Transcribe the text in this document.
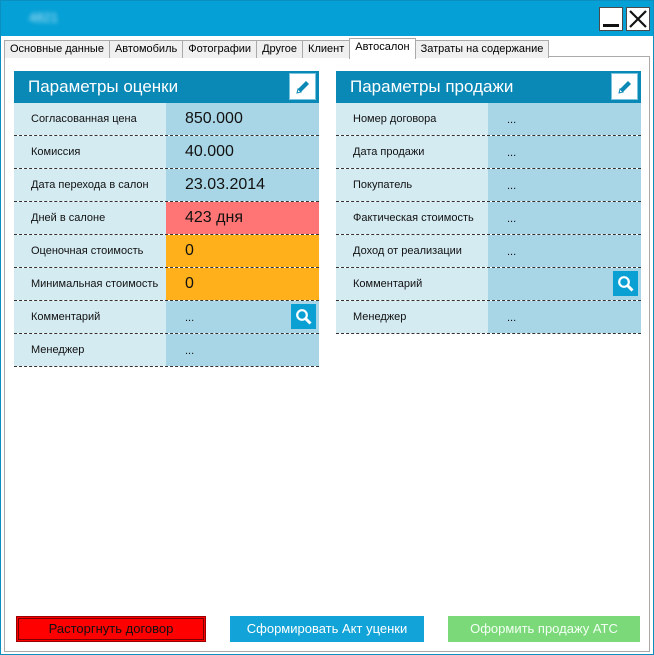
4821
Основные данные	Автомобиль	Фотографии	Другое	Клиент	Автосалон	Затраты на содержание
Параметры оценки
Согласованная цена	850.000
Комиссия	40.000
Дата перехода в салон	23.03.2014
Дней в салоне	423 дня
Оценочная стоимость	0
Минимальная стоимость	0
Комментарий	...
Менеджер	...
Параметры продажи
Номер договора	...
Дата продажи	...
Покупатель	...
Фактическая стоимость	...
Доход от реализации	...
Комментарий
Менеджер	...
Расторгнуть договор	Сформировать Акт уценки	Оформить продажу АТС
